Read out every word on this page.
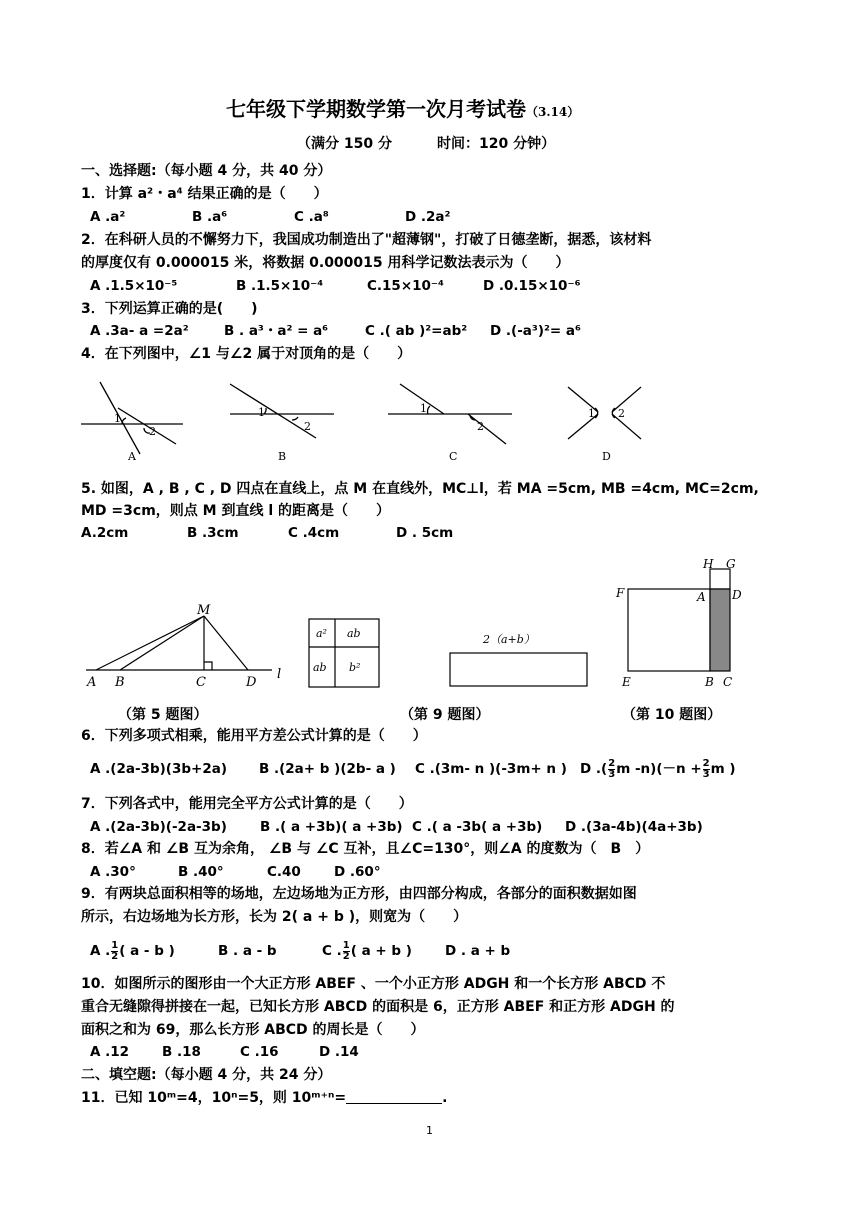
七年级下学期数学第一次月考试卷（3.14）
（满分 150 分	时间：120 分钟）
一、选择题:（每小题 4 分，共 40 分）
1．计算 a²・a⁴ 结果正确的是（　　）
A .a²	B .a⁶	C .a⁸	D .2a²
2．在科研人员的不懈努力下，我国成功制造出了"超薄钢"，打破了日德垄断，据悉，该材料
的厚度仅有 0.000015 米，将数据 0.000015 用科学记数法表示为（　　）
A .1.5×10⁻⁵	B .1.5×10⁻⁴	C.15×10⁻⁴	D .0.15×10⁻⁶
3．下列运算正确的是(　　)
A .3a- a =2a²	B . a³・a² = a⁶	C .( ab )²=ab² D .(-a³)²= a⁶
4．在下列图中，∠1 与∠2 属于对顶角的是（　　）
1
2
1
2
1
2
1 2
A	B	C	D
5. 如图，A , B , C , D 四点在直线上，点 M 在直线外，MC⊥l，若 MA =5cm, MB =4cm, MC=2cm,
MD =3cm，则点 M 到直线 l 的距离是（　　）
A.2cm	B .3cm	C .4cm	D . 5cm
M
A B	C	D
l
a² ab
ab b²
2（a+b）
H G
F	A D
E	B C
（第 5 题图）	（第 9 题图）	（第 10 题图）
6．下列多项式相乘，能用平方差公式计算的是（　　）
A .(2a-3b)(3b+2a) B .(2a+ b )(2b- a ) C .(3m- n )(-3m+ n ) D .( $\frac{2}{3}$ m $-n)(-n + \frac{2}{3}$ m )
7．下列各式中，能用完全平方公式计算的是（　　）
A .(2a-3b)(-2a-3b) B .( a +3b)( a +3b) C .( a -3b( a +3b) D .(3a-4b)(4a+3b)
8．若∠A 和 ∠B 互为余角， ∠B 与 ∠C 互补，且∠C=130°，则∠A 的度数为（　B　）
A .30°	B .40°	C.40 D .60°
9．有两块总面积相等的场地，左边场地为正方形，由四部分构成，各部分的面积数据如图
所示，右边场地为长方形，长为 2( a + b )，则宽为（　　）
A . $\frac{1}{2}$ ( a - b )	B . a - b	C . $\frac{1}{2}$ ( a + b ) D . a + b
10．如图所示的图形由一个大正方形 ABEF 、一个小正方形 ADGH 和一个长方形 ABCD 不
重合无缝隙得拼接在一起，已知长方形 ABCD 的面积是 6，正方形 ABEF 和正方形 ADGH 的
面积之和为 69，那么长方形 ABCD 的周长是（　　）
A .12 B .18	C .16	D .14
二、填空题:（每小题 4 分，共 24 分）
11．已知 10ᵐ=4，10ⁿ=5，则 10ᵐ⁺ⁿ=	.
1
